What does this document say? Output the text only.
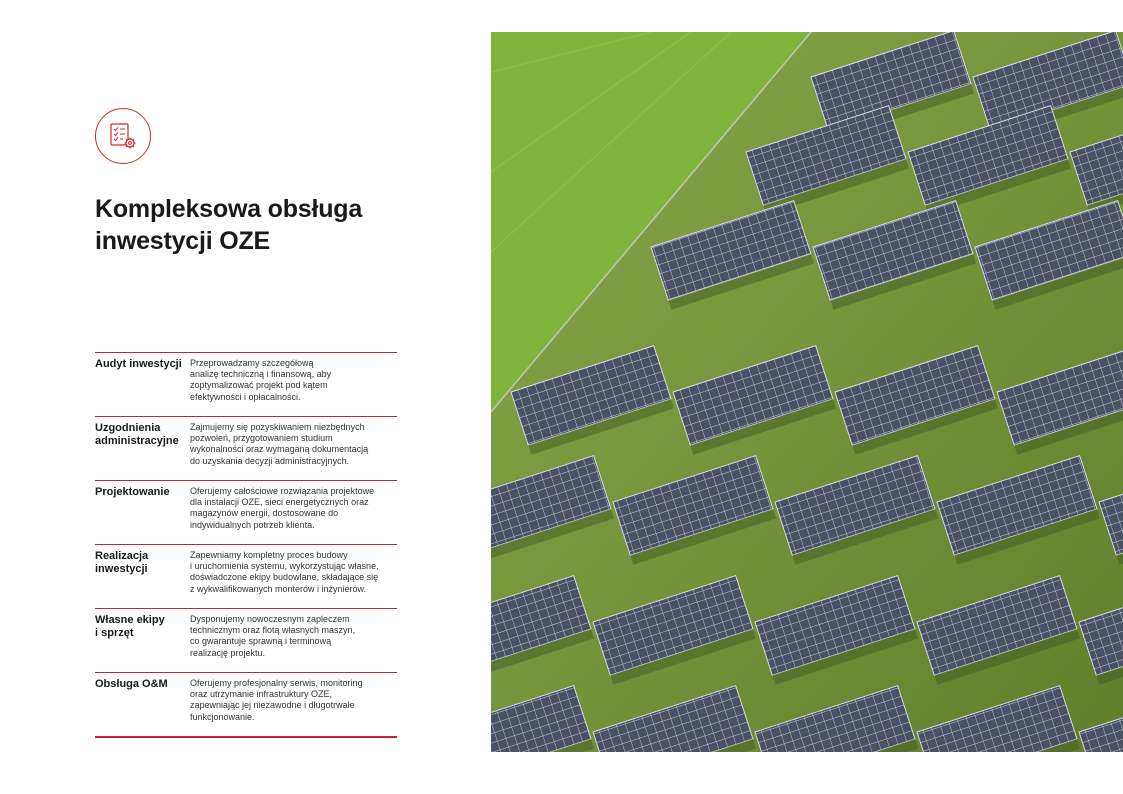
Kompleksowa obsługa
inwestycji OZE
Audyt inwestycji Przeprowadzamy szczegółową
analizę techniczną i finansową, aby
zoptymalizować projekt pod kątem
efektywności i opłacalności.
Uzgodnienia
administracyjne
Zajmujemy się pozyskiwaniem niezbędnych
pozwoleń, przygotowaniem studium
wykonalności oraz wymaganą dokumentacją
do uzyskania decyzji administracyjnych.
Projektowanie	Oferujemy całościowe rozwiązania projektowe
dla instalacji OZE, sieci energetycznych oraz
magazynów energii, dostosowane do
indywidualnych potrzeb klienta.
Realizacja
inwestycji
Zapewniamy kompletny proces budowy
i uruchomienia systemu, wykorzystując własne,
doświadczone ekipy budowlane, składające się
z wykwalifikowanych monterów i inżynierów.
Własne ekipy
i sprzęt
Dysponujemy nowoczesnym zapleczem
technicznym oraz flotą własnych maszyn,
co gwarantuje sprawną i terminową
realizację projektu.
Obsługa O&M	Oferujemy profesjonalny serwis, monitoring
oraz utrzymanie infrastruktury OZE,
zapewniając jej niezawodne i długotrwałe
funkcjonowanie.
